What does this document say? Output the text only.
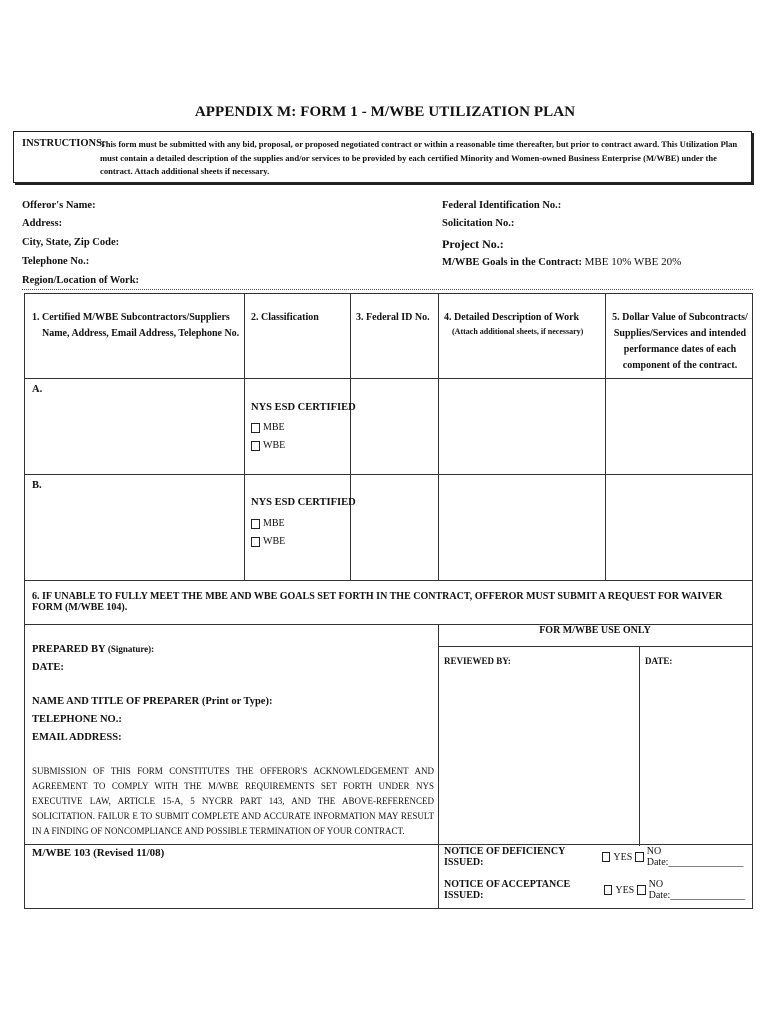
APPENDIX M: FORM 1 - M/WBE UTILIZATION PLAN
INSTRUCTIONS:
This form must be submitted with any bid, proposal, or proposed negotiated contract or within a reasonable time thereafter, but prior to contract award. This Utilization Plan must contain a detailed description of the supplies and/or services to be provided by each certified Minority and Women-owned Business Enterprise (M/WBE) under the contract. Attach additional sheets if necessary.
Offeror's Name:
Address:
City, State, Zip Code:
Telephone No.:
Region/Location of Work:
Federal Identification No.:
Solicitation No.:
Project No.:
M/WBE Goals in the Contract: MBE 10% WBE 20%
1. Certified M/WBE Subcontractors/Suppliers
Name, Address, Email Address, Telephone No.
2. Classification	3. Federal ID No. 4. Detailed Description of Work
(Attach additional sheets, if necessary)
5. Dollar Value of Subcontracts/
Supplies/Services and intended
performance dates of each
component of the contract.
A.
NYS ESD CERTIFIED
MBE
WBE
B.
NYS ESD CERTIFIED
MBE
WBE
6. IF UNABLE TO FULLY MEET THE MBE AND WBE GOALS SET FORTH IN THE CONTRACT, OFFEROR MUST SUBMIT A REQUEST FOR WAIVER FORM (M/WBE 104).
PREPARED BY (Signature):
DATE:
NAME AND TITLE OF PREPARER (Print or Type):
TELEPHONE NO.:
EMAIL ADDRESS:
SUBMISSION OF THIS FORM CONSTITUTES THE OFFEROR'S ACKNOWLEDGEMENT AND AGREEMENT TO COMPLY WITH THE M/WBE REQUIREMENTS SET FORTH UNDER NYS EXECUTIVE LAW, ARTICLE 15-A, 5 NYCRR PART 143, AND THE ABOVE-REFERENCED SOLICITATION. FAILUR E TO SUBMIT COMPLETE AND ACCURATE INFORMATION MAY RESULT IN A FINDING OF NONCOMPLIANCE AND POSSIBLE TERMINATION OF YOUR CONTRACT.
M/WBE 103 (Revised 11/08)
FOR M/WBE USE ONLY
REVIEWED BY:	DATE:
NOTICE OF DEFICIENCY ISSUED:	YES NO Date:_______________
NOTICE OF ACCEPTANCE ISSUED:	YES NO Date:_______________
